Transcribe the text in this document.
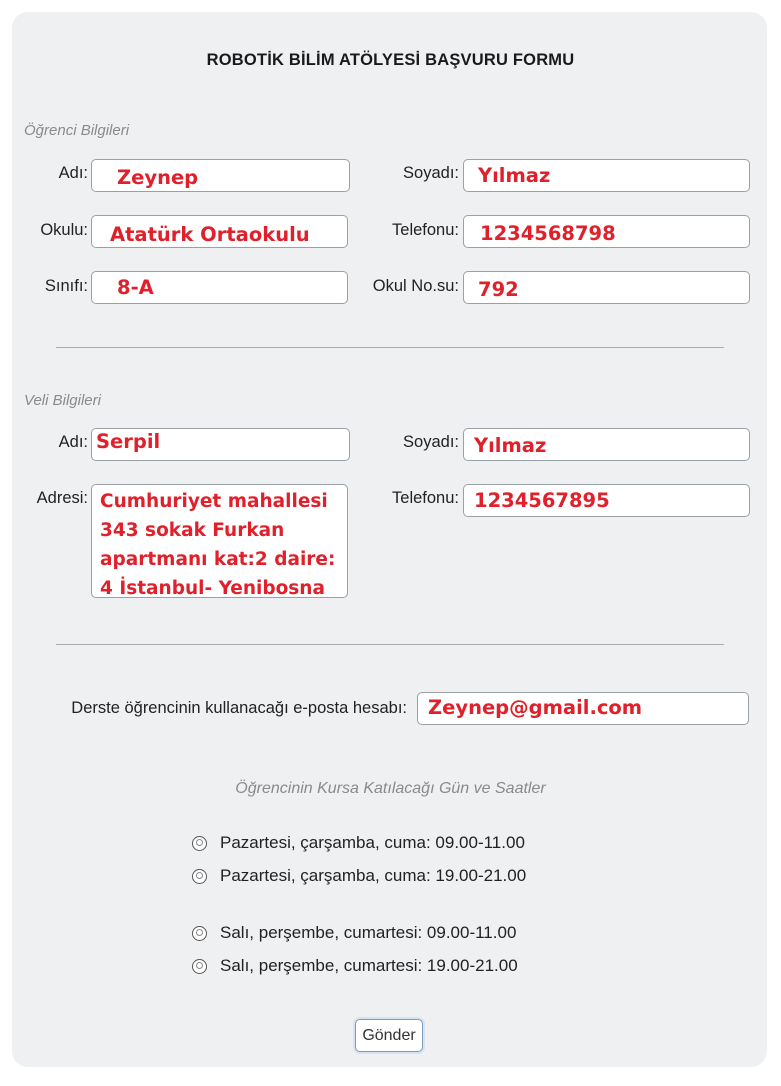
ROBOTİK BİLİM ATÖLYESİ BAŞVURU FORMU
Öğrenci Bilgileri
Adı:	Zeynep	Soyadı: Yılmaz
Okulu:	Atatürk Ortaokulu	Telefonu:	1234568798
Sınıfı:	8-A	Okul No.su: 792
Veli Bilgileri
Adı: Serpil	Soyadı: Yılmaz
Adresi: Cumhuriyet mahallesi 343 sokak Furkan apartmanı kat:2 daire: 4 İstanbul- Yenibosna
Telefonu: 1234567895
Derste öğrencinin kullanacağı e-posta hesabı:	Zeynep@gmail.com
Öğrencinin Kursa Katılacağı Gün ve Saatler
Pazartesi, çarşamba, cuma: 09.00-11.00
Pazartesi, çarşamba, cuma: 19.00-21.00
Salı, perşembe, cumartesi: 09.00-11.00
Salı, perşembe, cumartesi: 19.00-21.00
Gönder
